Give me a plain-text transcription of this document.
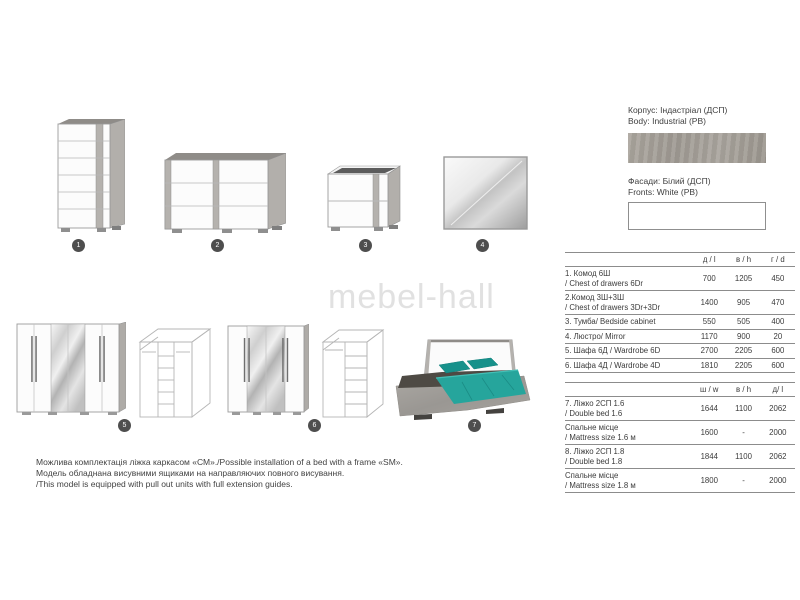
mebel-hall
1	2	3	4
Корпус: Індастріал (ДСП)
Body: Industrial (PB)
Фасади: Білий (ДСП)
Fronts: White (PB)
	д / l	в / h	г / d

1. Комод 6Ш
/ Chest of drawers 6Dr	700	1205	450

2.Комод 3Ш+3Ш
/ Chest of drawers 3Dr+3Dr	1400	905	470

3. Тумба/ Bedside cabinet	550	505	400

4. Люстро/ Mirror	1170	900	20

5. Шафа 6Д / Wardrobe 6D	2700	2205	600

6. Шафа 4Д / Wardrobe 4D	1810	2205	600
	ш / w	в / h	д/ l

7. Ліжко 2СП 1.6
/ Double bed 1.6	1644	1100	2062

Спальне місце
/ Mattress size 1.6 м	1600	-	2000

8. Ліжко 2СП 1.8
/ Double bed 1.8	1844	1100	2062

Спальне місце
/ Mattress size 1.8 м	1800	-	2000
5	6	7
Можлива комплектація ліжка каркасом «СМ»./Possible installation of a bed with a frame «SM».
Модель обладнана висувними ящиками на направляючих повного висування.
/This model is equipped with pull out units with full extension guides.
